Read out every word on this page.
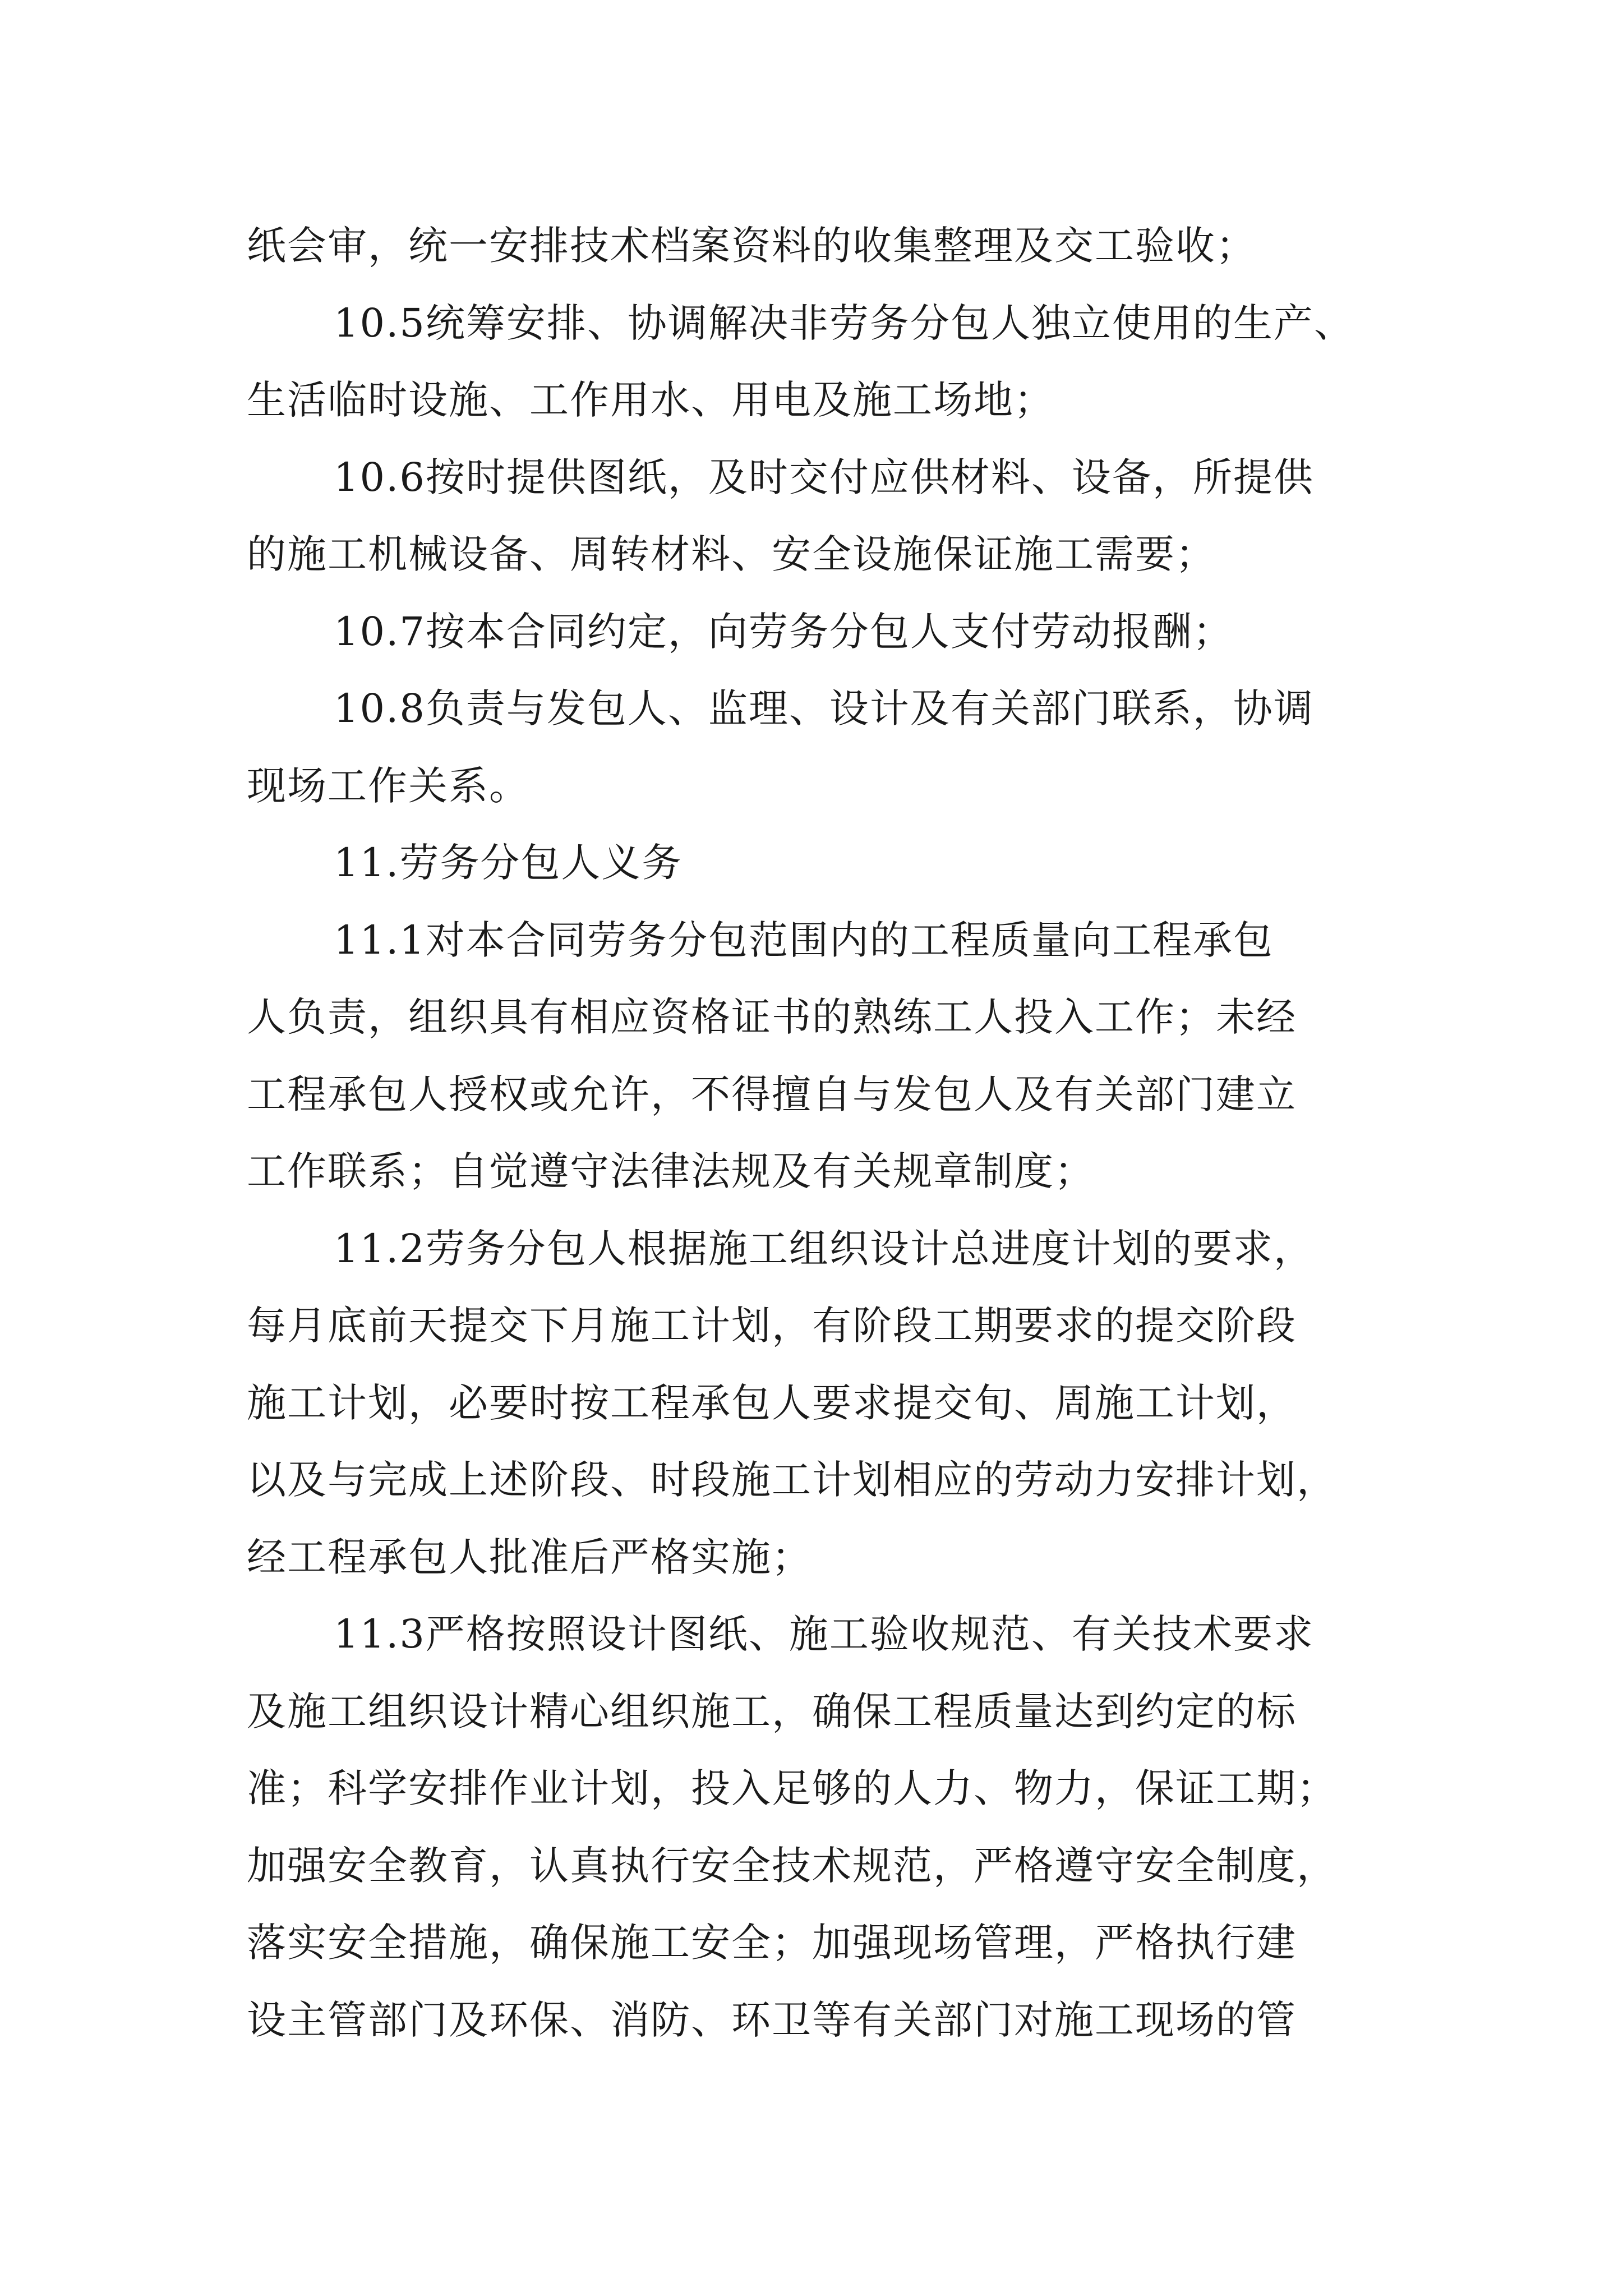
纸会审，统一安排技术档案资料的收集整理及交工验收；
10.5统筹安排、协调解决非劳务分包人独立使用的生产、
生活临时设施、工作用水、用电及施工场地；
10.6按时提供图纸，及时交付应供材料、设备，所提供
的施工机械设备、周转材料、安全设施保证施工需要；
10.7按本合同约定，向劳务分包人支付劳动报酬；
10.8负责与发包人、监理、设计及有关部门联系，协调
现场工作关系。
11.劳务分包人义务
11.1对本合同劳务分包范围内的工程质量向工程承包
人负责，组织具有相应资格证书的熟练工人投入工作；未经
工程承包人授权或允许，不得擅自与发包人及有关部门建立
工作联系；自觉遵守法律法规及有关规章制度；
11.2劳务分包人根据施工组织设计总进度计划的要求，
每月底前天提交下月施工计划，有阶段工期要求的提交阶段
施工计划，必要时按工程承包人要求提交旬、周施工计划，
以及与完成上述阶段、时段施工计划相应的劳动力安排计划，
经工程承包人批准后严格实施；
11.3严格按照设计图纸、施工验收规范、有关技术要求
及施工组织设计精心组织施工，确保工程质量达到约定的标
准；科学安排作业计划，投入足够的人力、物力，保证工期；
加强安全教育，认真执行安全技术规范，严格遵守安全制度，
落实安全措施，确保施工安全；加强现场管理，严格执行建
设主管部门及环保、消防、环卫等有关部门对施工现场的管
